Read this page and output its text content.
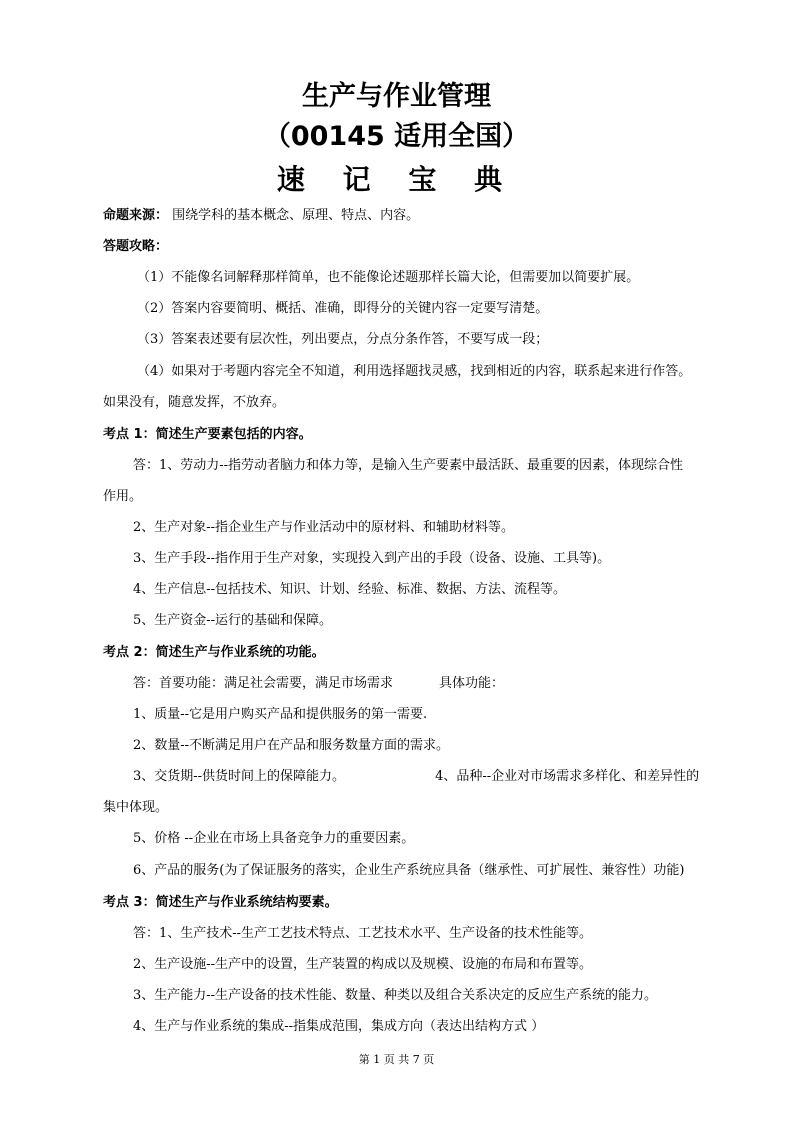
生产与作业管理
（00145 适用全国）
速 记 宝 典
命题来源： 围绕学科的基本概念、原理、特点、内容。
答题攻略：
（1）不能像名词解释那样简单，也不能像论述题那样长篇大论，但需要加以简要扩展。
（2）答案内容要简明、概括、准确，即得分的关键内容一定要写清楚。
（3）答案表述要有层次性，列出要点，分点分条作答，不要写成一段；
（4）如果对于考题内容完全不知道，利用选择题找灵感，找到相近的内容，联系起来进行作答。
如果没有，随意发挥，不放弃。
考点 1：简述生产要素包括的内容。
答：1、劳动力--指劳动者脑力和体力等，是输入生产要素中最活跃、最重要的因素，体现综合性
作用。
2、生产对象--指企业生产与作业活动中的原材料、和辅助材料等。
3、生产手段--指作用于生产对象，实现投入到产出的手段（设备、设施、工具等)。
4、生产信息--包括技术、知识、计划、经验、标准、数据、方法、流程等。
5、生产资金--运行的基础和保障。
考点 2：简述生产与作业系统的功能。
答：首要功能：满足社会需要，满足市场需求	具体功能：
1、质量--它是用户购买产品和提供服务的第一需要.
2、数量--不断满足用户在产品和服务数量方面的需求。
3、交货期--供货时间上的保障能力。	4、品种--企业对市场需求多样化、和差异性的
集中体现。
5、价格 --企业在市场上具备竞争力的重要因素。
6、产品的服务(为了保证服务的落实，企业生产系统应具备（继承性、可扩展性、兼容性）功能)
考点 3：简述生产与作业系统结构要素。
答：1、生产技术--生产工艺技术特点、工艺技术水平、生产设备的技术性能等。
2、生产设施--生产中的设置，生产装置的构成以及规模、设施的布局和布置等。
3、生产能力--生产设备的技术性能、数量、种类以及组合关系决定的反应生产系统的能力。
4、生产与作业系统的集成--指集成范围，集成方向（表达出结构方式 ）
第 1 页 共 7 页
